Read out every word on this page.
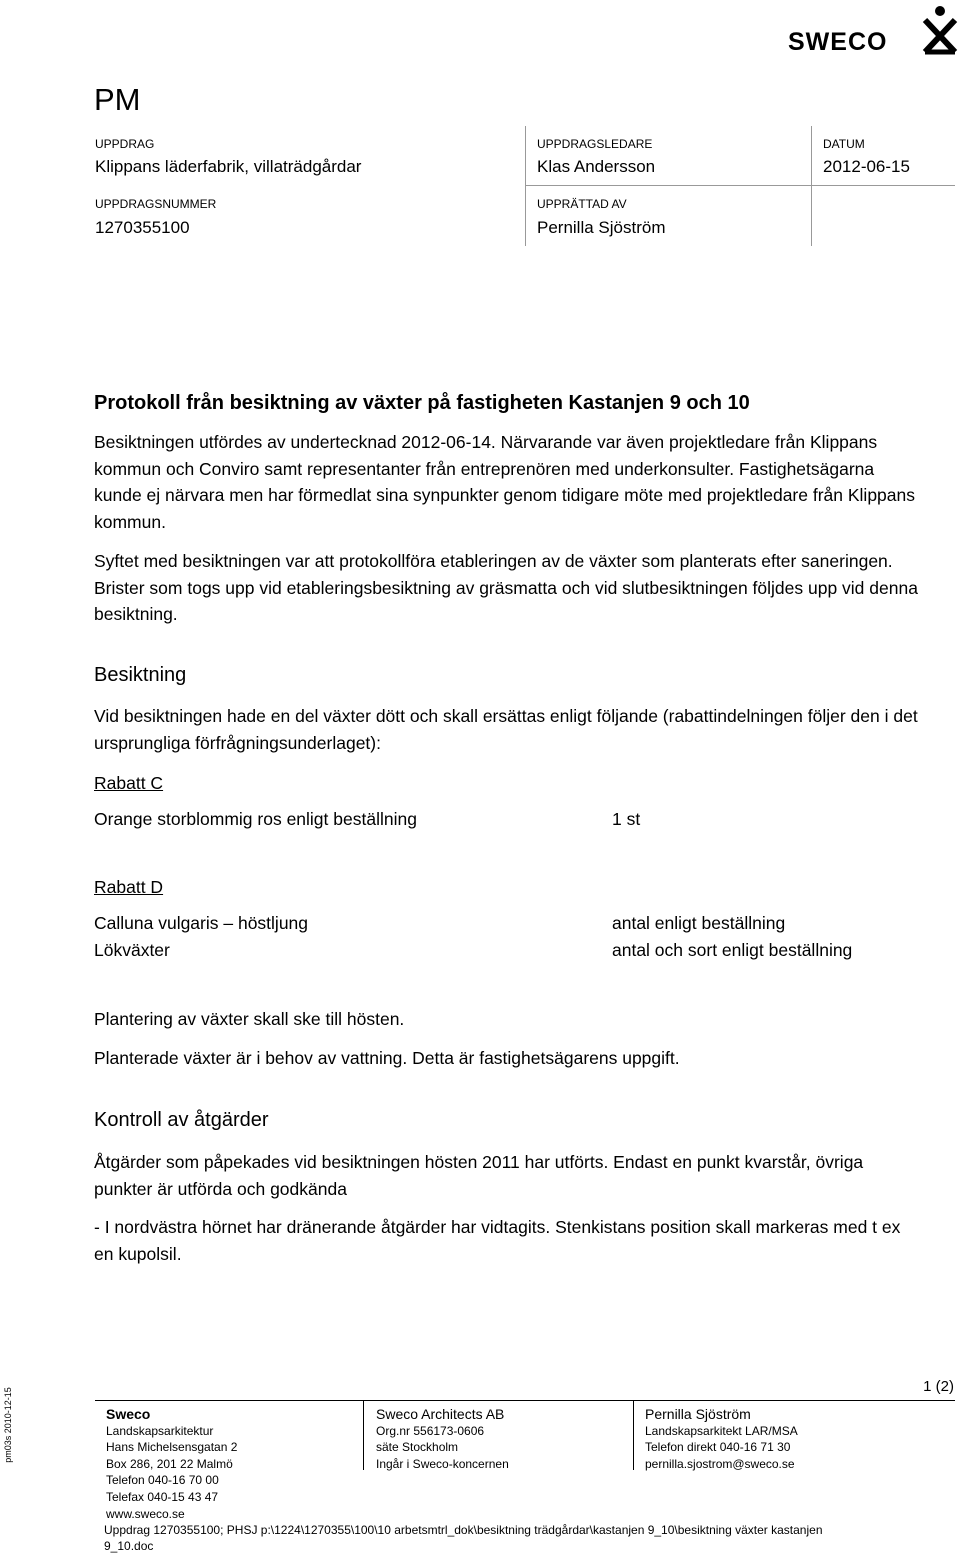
SWECO
PM
UPPDRAG
Klippans läderfabrik, villaträdgårdar
UPPDRAGSLEDARE
Klas Andersson
DATUM
2012-06-15
UPPDRAGSNUMMER
1270355100
UPPRÄTTAD AV
Pernilla Sjöström
Protokoll från besiktning av växter på fastigheten Kastanjen 9 och 10
Besiktningen utfördes av undertecknad 2012-06-14. Närvarande var även projektledare från Klippans kommun och Conviro samt representanter från entreprenören med underkonsulter. Fastighetsägarna kunde ej närvara men har förmedlat sina synpunkter genom tidigare möte med projektledare från Klippans kommun.
Syftet med besiktningen var att protokollföra etableringen av de växter som planterats efter saneringen. Brister som togs upp vid etableringsbesiktning av gräsmatta och vid slutbesiktningen följdes upp vid denna besiktning.
Besiktning
Vid besiktningen hade en del växter dött och skall ersättas enligt följande (rabattindelningen följer den i det ursprungliga förfrågningsunderlaget):
Rabatt C
Orange storblommig ros enligt beställning	1 st
Rabatt D
Calluna vulgaris – höstljung	antal enligt beställning
Lökväxter	antal och sort enligt beställning
Plantering av växter skall ske till hösten.
Planterade växter är i behov av vattning. Detta är fastighetsägarens uppgift.
Kontroll av åtgärder
Åtgärder som påpekades vid besiktningen hösten 2011 har utförts. Endast en punkt kvarstår, övriga punkter är utförda och godkända
- I nordvästra hörnet har dränerande åtgärder har vidtagits. Stenkistans position skall markeras med t ex en kupolsil.
pm03s 2010-12-15
1 (2)
Sweco
Landskapsarkitektur
Hans Michelsensgatan 2
Box 286, 201 22 Malmö
Telefon 040-16 70 00
Telefax 040-15 43 47
www.sweco.se
Sweco Architects AB
Org.nr 556173-0606
säte Stockholm
Ingår i Sweco-koncernen
Pernilla Sjöström
Landskapsarkitekt LAR/MSA
Telefon direkt 040-16 71 30
pernilla.sjostrom@sweco.se
Uppdrag 1270355100; PHSJ p:\1224\1270355\100\10 arbetsmtrl_dok\besiktning trädgårdar\kastanjen 9_10\besiktning växter kastanjen
9_10.doc
